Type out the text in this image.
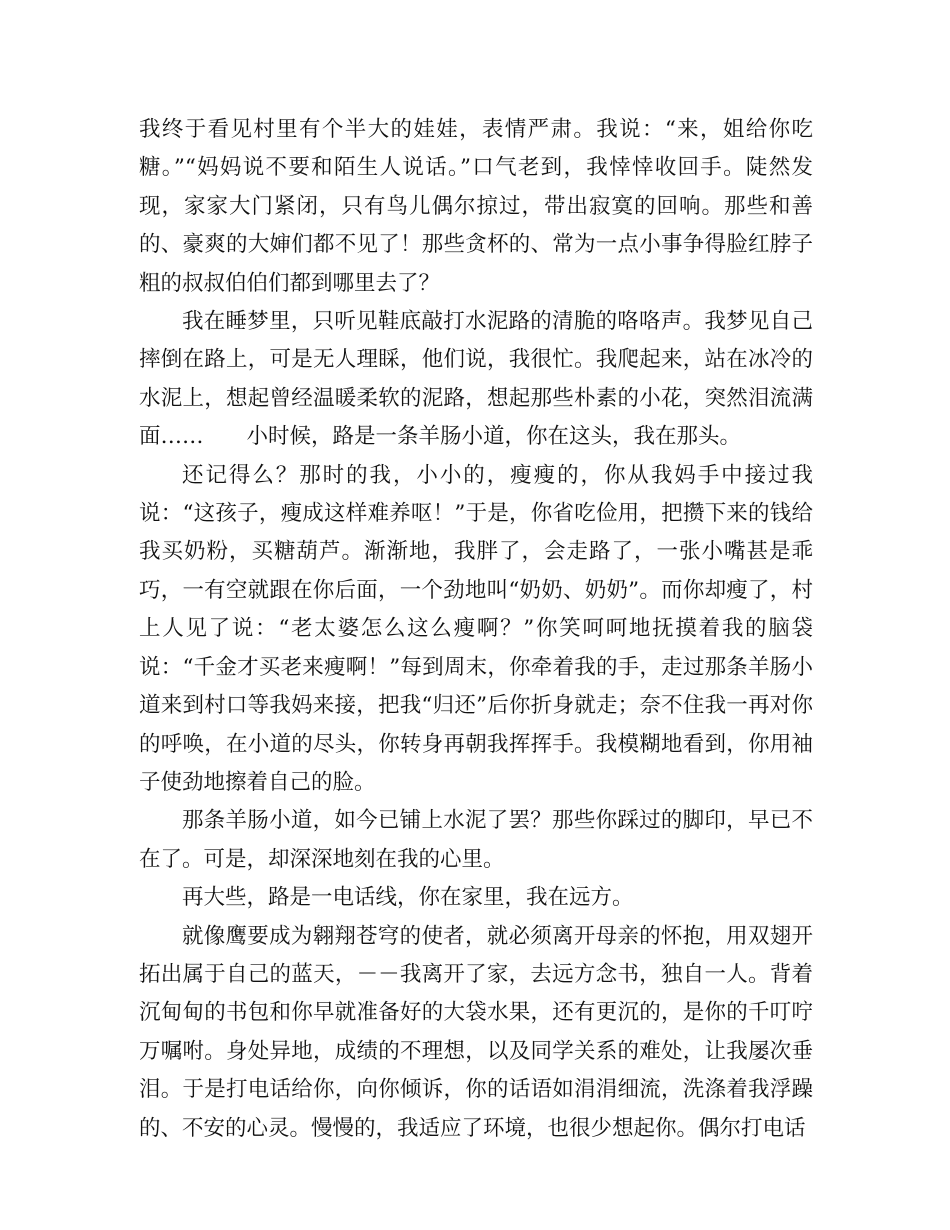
我终于看见村里有个半大的娃娃，表情严肃。我说：“来，姐给你吃糖。”“妈妈说不要和陌生人说话。”口气老到，我悻悻收回手。陡然发现，家家大门紧闭，只有鸟儿偶尔掠过，带出寂寞的回响。那些和善的、豪爽的大婶们都不见了！那些贪杯的、常为一点小事争得脸红脖子粗的叔叔伯伯们都到哪里去了？

我在睡梦里，只听见鞋底敲打水泥路的清脆的咯咯声。我梦见自己摔倒在路上，可是无人理睬，他们说，我很忙。我爬起来，站在冰冷的水泥上，想起曾经温暖柔软的泥路，想起那些朴素的小花，突然泪流满面……　　小时候，路是一条羊肠小道，你在这头，我在那头。

还记得么？那时的我，小小的，瘦瘦的，你从我妈手中接过我说：“这孩子，瘦成这样难养呕！”于是，你省吃俭用，把攒下来的钱给我买奶粉，买糖葫芦。渐渐地，我胖了，会走路了，一张小嘴甚是乖巧，一有空就跟在你后面，一个劲地叫“奶奶、奶奶”。而你却瘦了，村上人见了说：“老太婆怎么这么瘦啊？”你笑呵呵地抚摸着我的脑袋说：“千金才买老来瘦啊！”每到周末，你牵着我的手，走过那条羊肠小道来到村口等我妈来接，把我“归还”后你折身就走；奈不住我一再对你的呼唤，在小道的尽头，你转身再朝我挥挥手。我模糊地看到，你用袖子使劲地擦着自己的脸。

那条羊肠小道，如今已铺上水泥了罢？那些你踩过的脚印，早已不在了。可是，却深深地刻在我的心里。

再大些，路是一电话线，你在家里，我在远方。

就像鹰要成为翱翔苍穹的使者，就必须离开母亲的怀抱，用双翅开拓出属于自己的蓝天，－－我离开了家，去远方念书，独自一人。背着沉甸甸的书包和你早就准备好的大袋水果，还有更沉的，是你的千叮咛万嘱咐。身处异地，成绩的不理想，以及同学关系的难处，让我屡次垂泪。于是打电话给你，向你倾诉，你的话语如涓涓细流，洗涤着我浮躁的、不安的心灵。慢慢的，我适应了环境，也很少想起你。偶尔打电话
